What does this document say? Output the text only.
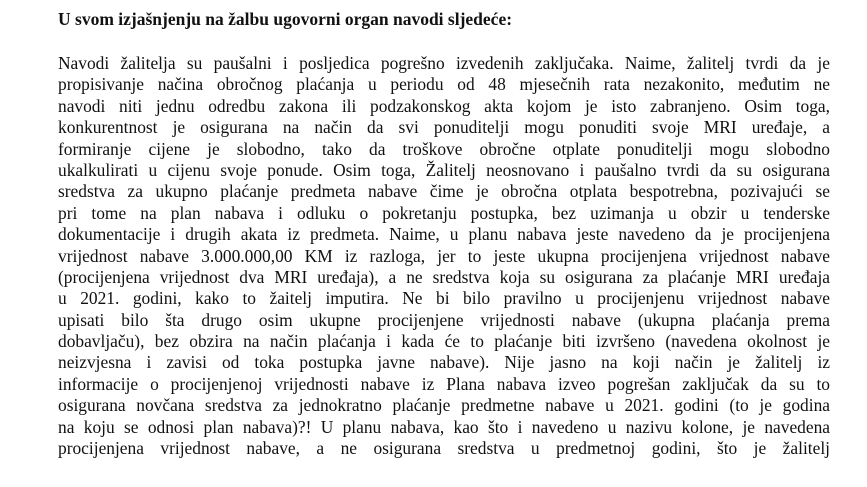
U svom izjašnjenju na žalbu ugovorni organ navodi sljedeće:
Navodi žalitelja su paušalni i posljedica pogrešno izvedenih zaključaka. Naime, žalitelj tvrdi da je
propisivanje načina obročnog plaćanja u periodu od 48 mjesečnih rata nezakonito, međutim ne
navodi niti jednu odredbu zakona ili podzakonskog akta kojom je isto zabranjeno. Osim toga,
konkurentnost je osigurana na način da svi ponuditelji mogu ponuditi svoje MRI uređaje, a
formiranje cijene je slobodno, tako da troškove obročne otplate ponuditelji mogu slobodno
ukalkulirati u cijenu svoje ponude. Osim toga, Žalitelj neosnovano i paušalno tvrdi da su osigurana
sredstva za ukupno plaćanje predmeta nabave čime je obročna otplata bespotrebna, pozivajući se
pri tome na plan nabava i odluku o pokretanju postupka, bez uzimanja u obzir u tenderske
dokumentacije i drugih akata iz predmeta. Naime, u planu nabava jeste navedeno da je procijenjena
vrijednost nabave 3.000.000,00 KM iz razloga, jer to jeste ukupna procijenjena vrijednost nabave
(procijenjena vrijednost dva MRI uređaja), a ne sredstva koja su osigurana za plaćanje MRI uređaja
u 2021. godini, kako to žaitelj imputira. Ne bi bilo pravilno u procijenjenu vrijednost nabave
upisati bilo šta drugo osim ukupne procijenjene vrijednosti nabave (ukupna plaćanja prema
dobavljaču), bez obzira na način plaćanja i kada će to plaćanje biti izvršeno (navedena okolnost je
neizvjesna i zavisi od toka postupka javne nabave). Nije jasno na koji način je žalitelj iz
informacije o procijenjenoj vrijednosti nabave iz Plana nabava izveo pogrešan zaključak da su to
osigurana novčana sredstva za jednokratno plaćanje predmetne nabave u 2021. godini (to je godina
na koju se odnosi plan nabava)?! U planu nabava, kao što i navedeno u nazivu kolone, je navedena
procijenjena vrijednost nabave, a ne osigurana sredstva u predmetnoj godini, što je žalitelj
